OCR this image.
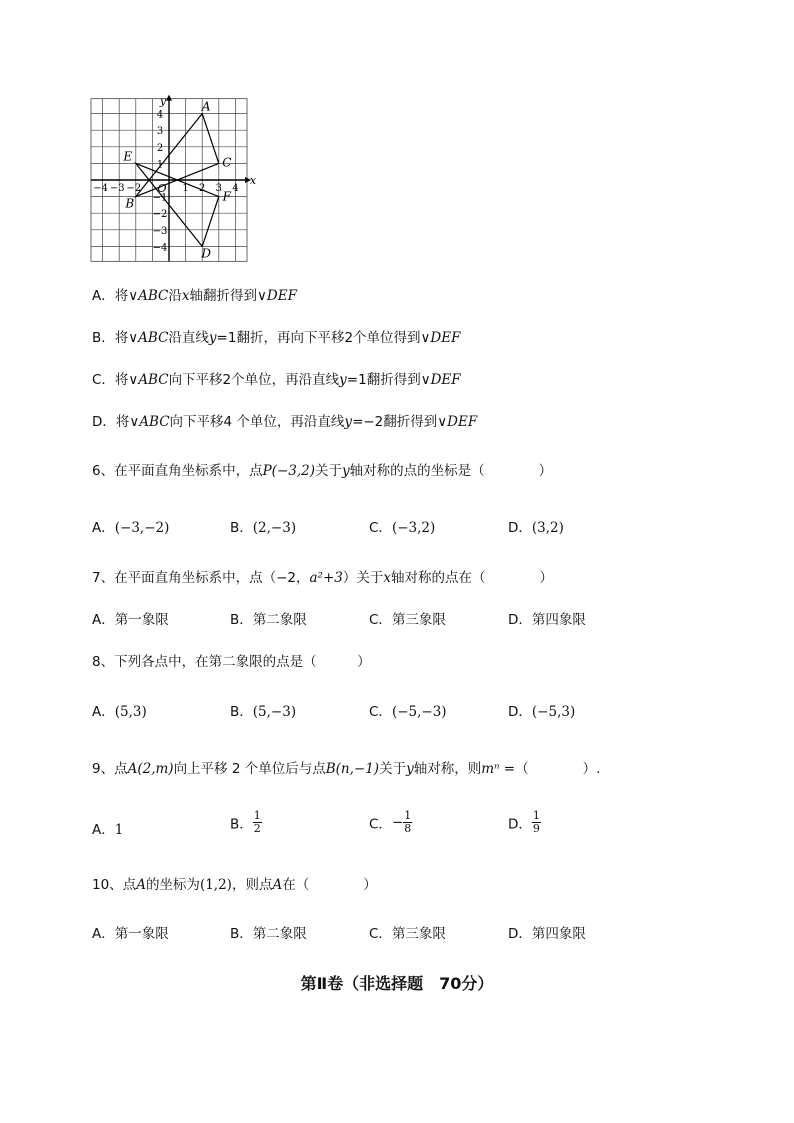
x
y
O
−4 −3 −2	1 2 3 4
4
3
2
1
−1
−2
−3
−4
A
B
C
D
E
F
A．将∨ABC沿x轴翻折得到∨DEF
B．将∨ABC沿直线y=1翻折，再向下平移2个单位得到∨DEF
C．将∨ABC向下平移2个单位，再沿直线y=1翻折得到∨DEF
D．将∨ABC向下平移4 个单位，再沿直线y=−2翻折得到∨DEF
6、在平面直角坐标系中，点P(−3,2)关于y轴对称的点的坐标是（　　　　）
A．(−3,−2)	B．(2,−3)	C．(−3,2)	D．(3,2)
7、在平面直角坐标系中，点（−2，a²+3）关于x轴对称的点在（　　　　）
A．第一象限	B．第二象限	C．第三象限	D．第四象限
8、下列各点中，在第二象限的点是（　　　）
A．(5,3)	B．(5,−3)	C．(−5,−3)	D．(−5,3)
9、点A(2,m)向上平移 2 个单位后与点B(n,−1)关于y轴对称，则mⁿ =（　　　　）.
A．1	B． $\frac{1}{2}$	C．− $\frac{1}{8}$	D． $\frac{1}{9}$
10、点A的坐标为(1,2)，则点A在（　　　　）
A．第一象限	B．第二象限	C．第三象限	D．第四象限
第Ⅱ卷（非选择题　70分）
